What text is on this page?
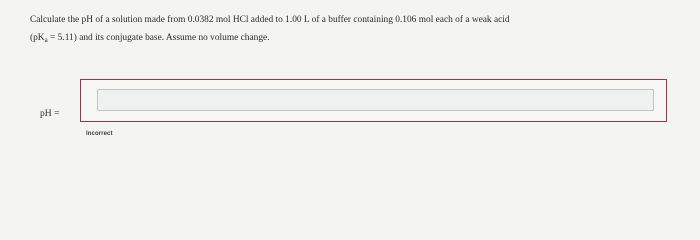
Calculate the pH of a solution made from 0.0382 mol HCl added to 1.00 L of a buffer containing 0.106 mol each of a weak acid

$(pK_a = 5.11)$ and its conjugate base. Assume no volume change.

pH =
Incorrect
